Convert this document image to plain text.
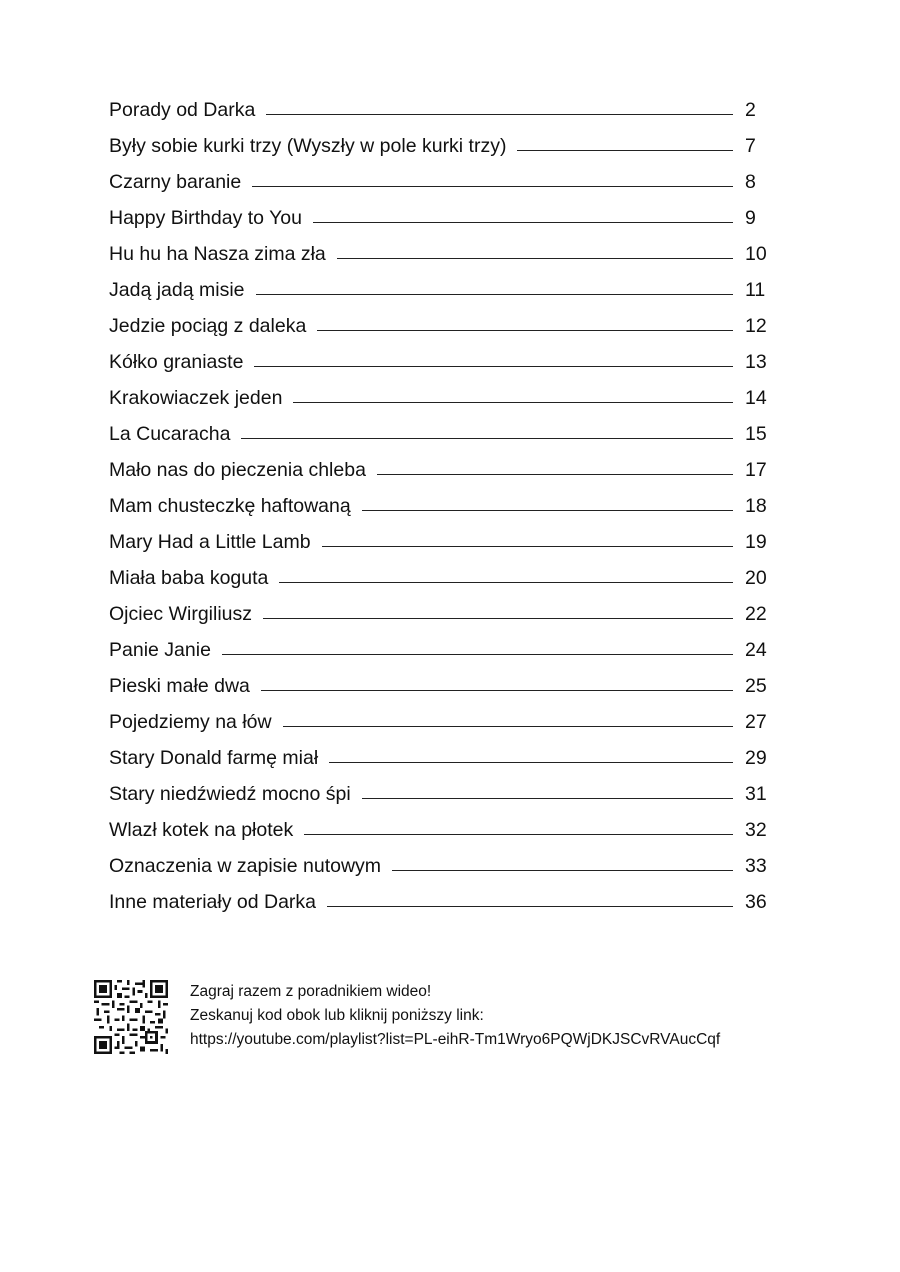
Porady od Darka	2
Były sobie kurki trzy (Wyszły w pole kurki trzy)	7
Czarny baranie	8
Happy Birthday to You	9
Hu hu ha Nasza zima zła	10
Jadą jadą misie	11
Jedzie pociąg z daleka	12
Kółko graniaste	13
Krakowiaczek jeden	14
La Cucaracha	15
Mało nas do pieczenia chleba	17
Mam chusteczkę haftowaną	18
Mary Had a Little Lamb	19
Miała baba koguta	20
Ojciec Wirgiliusz	22
Panie Janie	24
Pieski małe dwa	25
Pojedziemy na łów	27
Stary Donald farmę miał	29
Stary niedźwiedź mocno śpi	31
Wlazł kotek na płotek	32
Oznaczenia w zapisie nutowym	33
Inne materiały od Darka	36
Zagraj razem z poradnikiem wideo!
Zeskanuj kod obok lub kliknij poniższy link:
https://youtube.com/playlist?list=PL-eihR-Tm1Wryo6PQWjDKJSCvRVAucCqf
